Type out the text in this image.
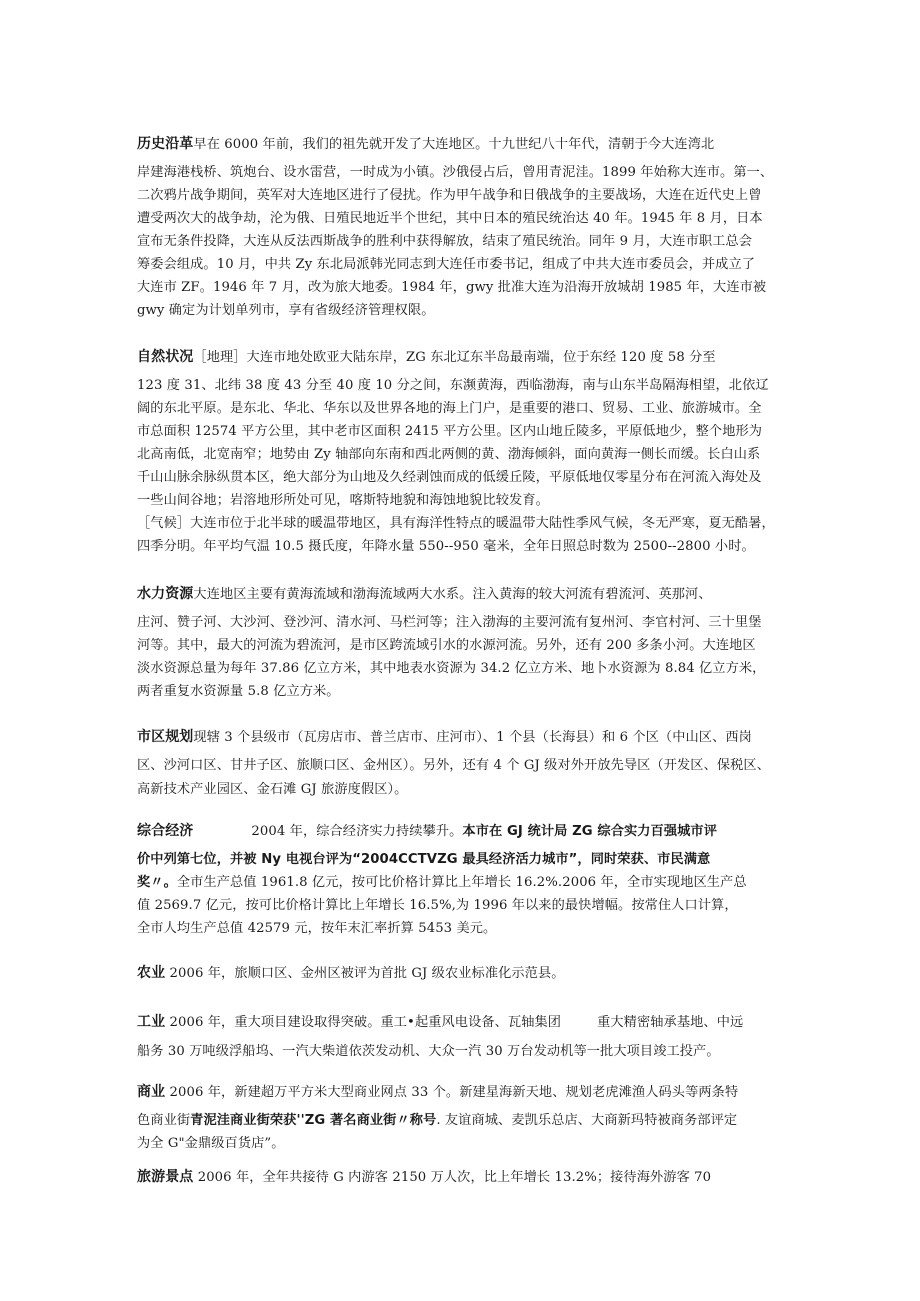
历史沿革早在 6000 年前，我们的祖先就开发了大连地区。十九世纪八十年代，清朝于今大连湾北
岸建海港栈桥、筑炮台、设水雷营，一时成为小镇。沙俄侵占后，曾用青泥洼。1899 年始称大连市。第一、
二次鸦片战争期间，英军对大连地区进行了侵扰。作为甲午战争和日俄战争的主要战场，大连在近代史上曾
遭受两次大的战争劫，沦为俄、日殖民地近半个世纪，其中日本的殖民统治达 40 年。1945 年 8 月，日本
宣布无条件投降，大连从反法西斯战争的胜利中获得解放，结束了殖民统治。同年 9 月，大连市职工总会
筹委会组成。10 月，中共 Zy 东北局派韩光同志到大连任市委书记，组成了中共大连市委员会，并成立了
大连市 ZF。1946 年 7 月，改为旅大地委。1984 年，gwy 批准大连为沿海开放城胡 1985 年，大连市被
gwy 确定为计划单列市，享有省级经济管理权限。
自然状况［地理］大连市地处欧亚大陆东岸，ZG 东北辽东半岛最南端，位于东经 120 度 58 分至
123 度 31、北纬 38 度 43 分至 40 度 10 分之间，东濒黄海，西临渤海，南与山东半岛隔海相望，北依辽
阔的东北平原。是东北、华北、华东以及世界各地的海上门户，是重要的港口、贸易、工业、旅游城市。全
市总面积 12574 平方公里，其中老市区面积 2415 平方公里。区内山地丘陵多，平原低地少，整个地形为
北高南低，北宽南窄；地势由 Zy 轴部向东南和西北两侧的黄、渤海倾斜，面向黄海一侧长而缓。长白山系
千山山脉余脉纵贯本区，绝大部分为山地及久经剥蚀而成的低缓丘陵，平原低地仅零星分布在河流入海处及
一些山间谷地；岩溶地形所处可见，喀斯特地貌和海蚀地貌比较发育。
［气候］大连市位于北半球的暖温带地区，具有海洋性特点的暖温带大陆性季风气候，冬无严寒，夏无酷暑，
四季分明。年平均气温 10.5 摄氏度，年降水量 550--950 毫米，全年日照总时数为 2500--2800 小时。
水力资源大连地区主要有黄海流域和渤海流域两大水系。注入黄海的较大河流有碧流河、英那河、
庄河、赞子河、大沙河、登沙河、清水河、马栏河等；注入渤海的主要河流有复州河、李官村河、三十里堡
河等。其中，最大的河流为碧流河，是市区跨流域引水的水源河流。另外，还有 200 多条小河。大连地区
淡水资源总量为每年 37.86 亿立方米，其中地表水资源为 34.2 亿立方米、地卜水资源为 8.84 亿立方米，
两者重复水资源量 5.8 亿立方米。
市区规划现辖 3 个县级市（瓦房店市、普兰店市、庄河市）、1 个县（长海县）和 6 个区（中山区、西岗
区、沙河口区、甘井子区、旅顺口区、金州区）。另外，还有 4 个 GJ 级对外开放先导区（开发区、保税区、
高新技术产业园区、金石滩 GJ 旅游度假区）。
综合经济	2004 年，综合经济实力持续攀升。本市在 GJ 统计局 ZG 综合实力百强城市评
价中列第七位，并被 Ny 电视台评为“2004CCTVZG 最具经济活力城市”，同时荣获、市民满意
奖〃。全市生产总值 1961.8 亿元，按可比价格计算比上年增长 16.2%.2006 年，全市实现地区生产总
值 2569.7 亿元，按可比价格计算比上年增长 16.5%,为 1996 年以来的最快增幅。按常住人口计算，
全市人均生产总值 42579 元，按年末汇率折算 5453 美元。
农业 2006 年，旅顺口区、金州区被评为首批 GJ 级农业标准化示范县。
工业 2006 年，重大项目建设取得突破。重工•起重风电设备、瓦轴集团	重大精密轴承基地、中远
船务 30 万吨级浮船坞、一汽大柴道依茨发动机、大众一汽 30 万台发动机等一批大项目竣工投产。
商业 2006 年，新建超万平方米大型商业网点 33 个。新建星海新天地、规划老虎滩渔人码头等两条特
色商业街青泥洼商业街荣获''ZG 著名商业街〃称号. 友谊商城、麦凯乐总店、大商新玛特被商务部评定
为全 G"金鼎级百货店”。
旅游景点 2006 年，全年共接待 G 内游客 2150 万人次，比上年增长 13.2%；接待海外游客 70
